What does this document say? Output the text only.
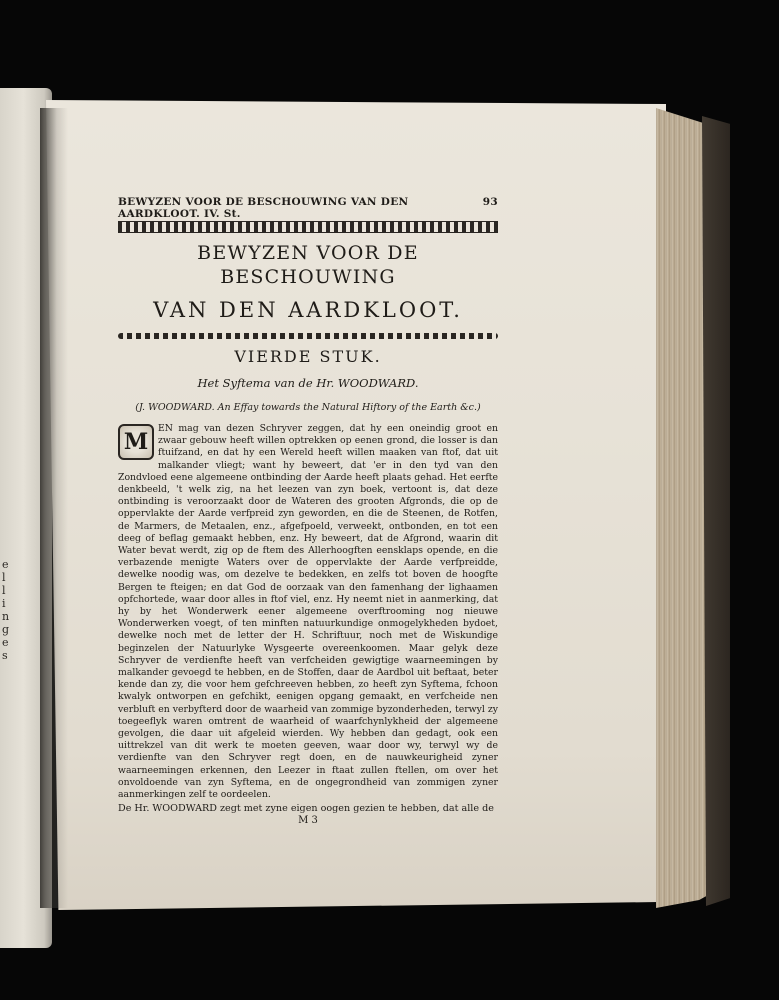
e
l
l
i
n
g
e
s
BEWYZEN VOOR DE BESCHOUWING VAN DEN AARDKLOOT. IV. St.
93
BEWYZEN VOOR DE BESCHOUWING
VAN DEN AARDKLOOT.
VIERDE STUK.
Het Syftema van de Hr. WOODWARD.
(J. WOODWARD. An Effay towards the Natural Hiftory of the Earth &c.)
M

EN mag van dezen Schryver zeggen, dat hy een oneindig groot en zwaar gebouw heeft willen optrekken op eenen grond, die losser is dan ftuifzand, en dat hy een Wereld heeft willen maaken van ftof, dat uit malkander vliegt; want hy beweert, dat 'er in den tyd van den Zondvloed eene algemeene ontbinding der Aarde heeft plaats gehad. Het eerfte denkbeeld, 't welk zig, na het leezen van zyn boek, vertoont is, dat deze ontbinding is veroorzaakt door de Wateren des grooten Afgronds, die op de oppervlakte der Aarde verfpreid zyn geworden, en die de Steenen, de Rotfen, de Marmers, de Metaalen, enz., afgefpoeld, verweekt, ontbonden, en tot een deeg of beflag gemaakt hebben, enz. Hy beweert, dat de Afgrond, waarin dit Water bevat werdt, zig op de ftem des Allerhoogften eensklaps opende, en die verbazende menigte Waters over de oppervlakte der Aarde verfpreidde, dewelke noodig was, om dezelve te bedekken, en zelfs tot boven de hoogfte Bergen te fteigen; en dat God de oorzaak van den famenhang der lighaamen opfchortede, waar door alles in ftof viel, enz. Hy neemt niet in aanmerking, dat hy by het Wonderwerk eener algemeene overftrooming nog nieuwe Wonderwerken voegt, of ten minften natuurkundige onmogelykheden bydoet, dewelke noch met de letter der H. Schriftuur, noch met de Wiskundige beginzelen der Natuurlyke Wysgeerte overeenkoomen. Maar gelyk deze Schryver de verdienfte heeft van verfcheiden gewigtige waarneemingen by malkander gevoegd te hebben, en de Stoffen, daar de Aardbol uit beftaat, beter kende dan zy, die voor hem gefchreeven hebben, zo heeft zyn Syftema, fchoon kwalyk ontworpen en gefchikt, eenigen opgang gemaakt, en verfcheide nen verbluft en verbyfterd door de waarheid van zommige byzonderheden, terwyl zy toegeeflyk waren omtrent de waarheid of waarfchynlykheid der algemeene gevolgen, die daar uit afgeleid wierden. Wy hebben dan gedagt, ook een uittrekzel van dit werk te moeten geeven, waar door wy, terwyl wy de verdienfte van den Schryver regt doen, en de nauwkeurigheid zyner waarneemingen erkennen, den Leezer in ftaat zullen ftellen, om over het onvoldoende van zyn Syftema, en de ongegrondheid van zommigen zyner aanmerkingen zelf te oordeelen.

De Hr. WOODWARD zegt met zyne eigen oogen gezien te hebben, dat alle de
M 3
